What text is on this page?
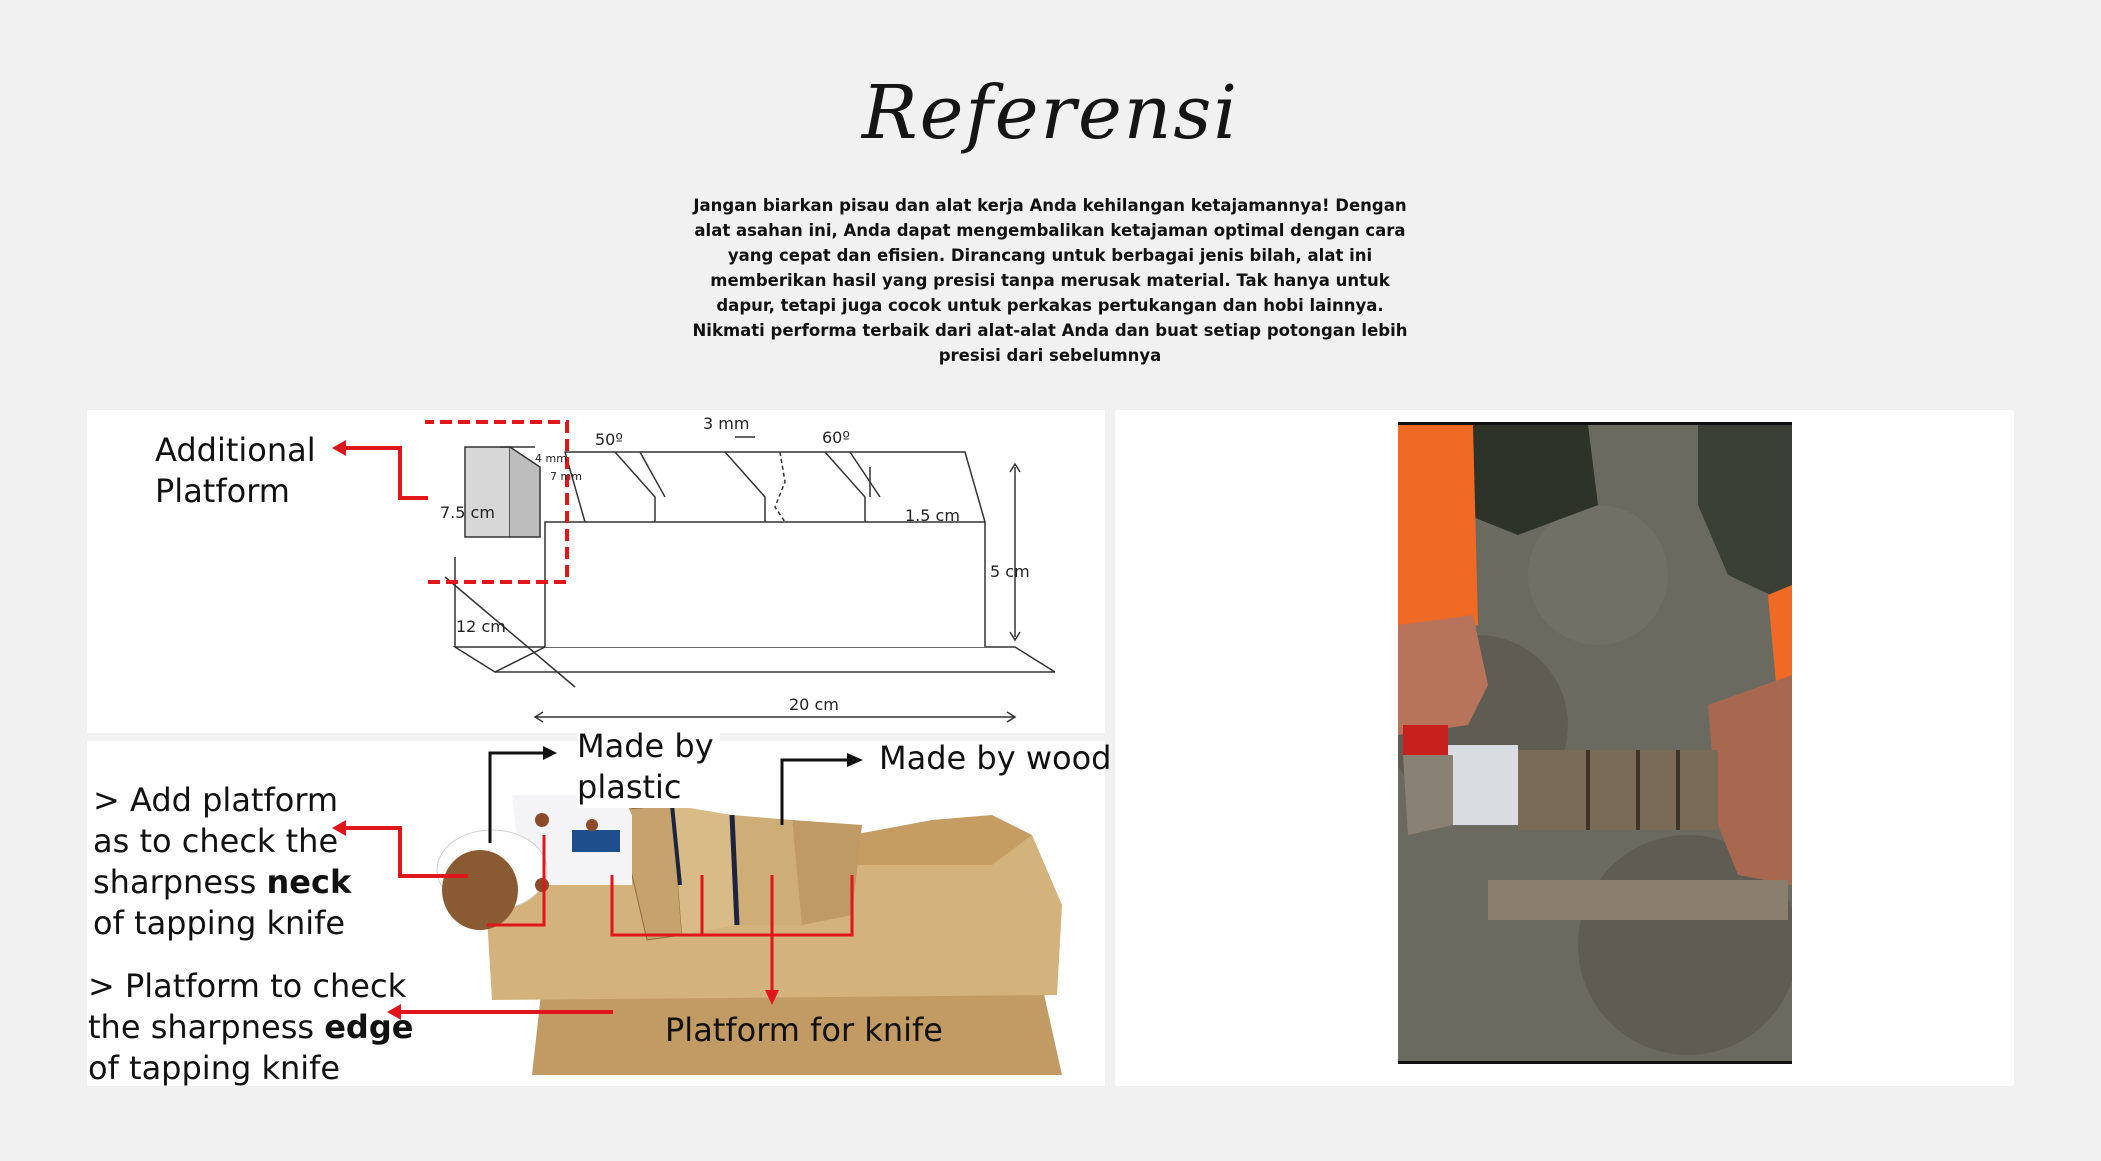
Referensi
Jangan biarkan pisau dan alat kerja Anda kehilangan ketajamannya! Dengan alat asahan ini, Anda dapat mengembalikan ketajaman optimal dengan cara yang cepat dan efisien. Dirancang untuk berbagai jenis bilah, alat ini memberikan hasil yang presisi tanpa merusak material. Tak hanya untuk dapur, tetapi juga cocok untuk perkakas pertukangan dan hobi lainnya. Nikmati performa terbaik dari alat-alat Anda dan buat setiap potongan lebih presisi dari sebelumnya
3 mm
50º	60º
4 mm
7 mm
7.5 cm	1.5 cm
5 cm
12 cm
20 cm
Additional
Platform
Made by
plastic
Made by wood
> Add platform
as to check the
sharpness neck
of tapping knife
> Platform to check
the sharpness edge
of tapping knife
Platform for knife
